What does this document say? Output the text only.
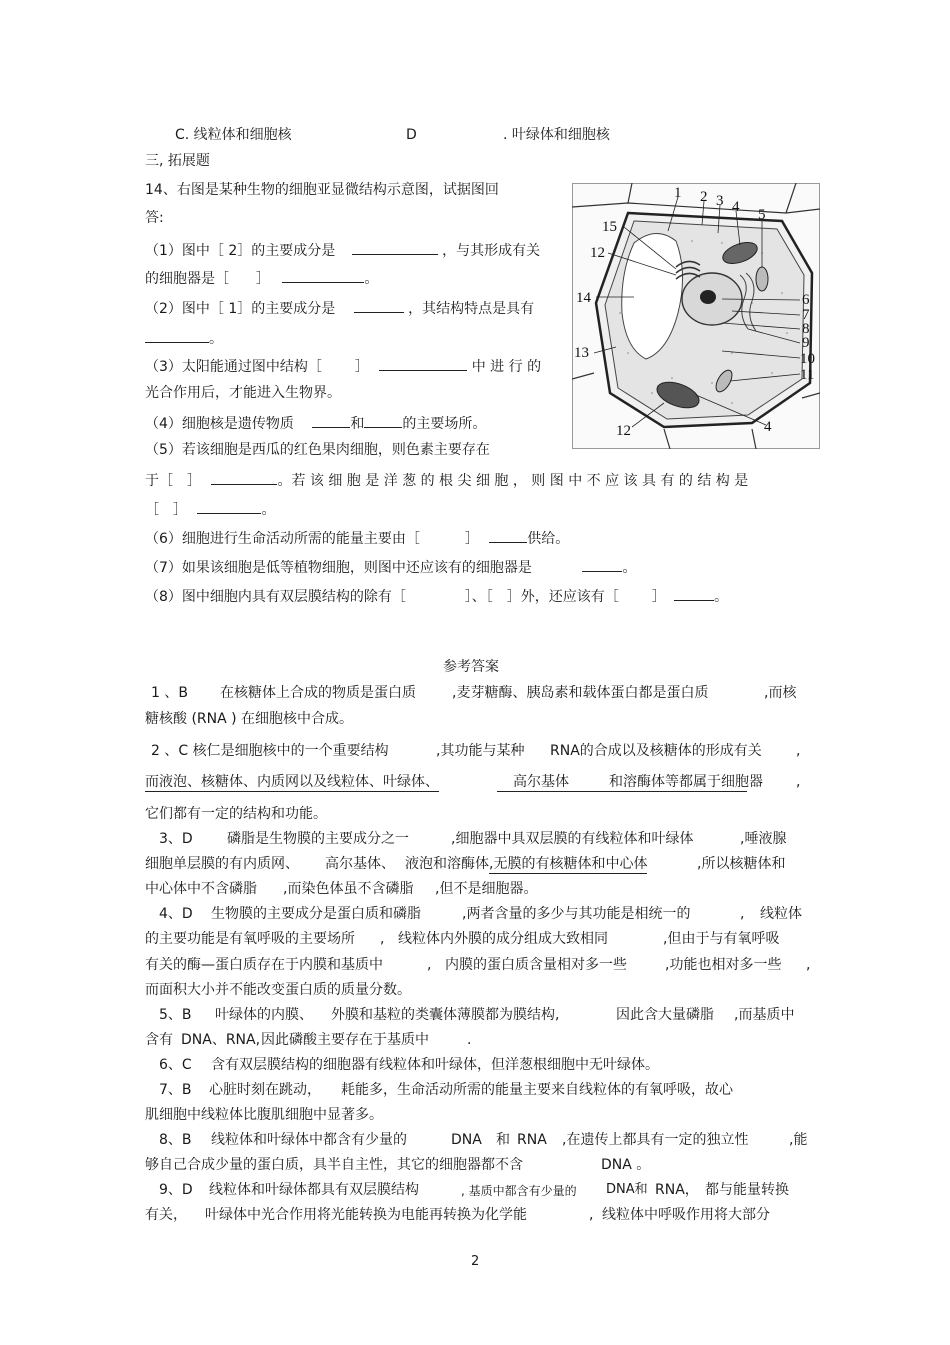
C. 线粒体和细胞核	D	. 叶绿体和细胞核
三, 拓展题
14、右图是某种生物的细胞亚显微结构示意图，试据图回
答:
（1）图中［ 2］的主要成分是	，与其形成有关
的细胞器是［ ］	。
（2）图中［ 1］的主要成分是	，其结构特点是具有
。
（3）太阳能通过图中结构［ ］	中 进 行 的
光合作用后，才能进入生物界。
（4）细胞核是遗传物质	和	的主要场所。
（5）若该细胞是西瓜的红色果肉细胞，则色素主要存在
于［　］	。若 该 细 胞 是 洋 葱 的 根 尖 细 胞 ， 则 图 中 不 应 该 具 有 的 结 构 是
［　］	。
（6）细胞进行生命活动所需的能量主要由［	］	供给。
（7）如果该细胞是低等植物细胞，则图中还应该有的细胞器是	。
（8）图中细胞内具有双层膜结构的除有［	］、［　］外，还应该有［ ］	。
1 2 3 4 5
15
12
14	6
7
8
9
13	10
11
12	4
参考答案
1 、B 在核糖体上合成的物质是蛋白质	,麦芽糖酶、胰岛素和载体蛋白都是蛋白质	,而核
糖核酸 (RNA ) 在细胞核中合成。
2 、C 核仁是细胞核中的一个重要结构	,其功能与某种 RNA的合成以及核糖体的形成有关 ,
而液泡、核糖体、内质网以及线粒体、叶绿体、	高尔基体	和溶酶体等都属于细胞器 ,
它们都有一定的结构和功能。
3、D 磷脂是生物膜的主要成分之一	,细胞器中具双层膜的有线粒体和叶绿体	,唾液腺
细胞单层膜的有内质网、 高尔基体、 液泡和溶酶体,无膜的有核糖体和中心体	,所以核糖体和
中心体中不含磷脂 ,而染色体虽不含磷脂 ,但不是细胞器。
4、D 生物膜的主要成分是蛋白质和磷脂	,两者含量的多少与其功能是相统一的	, 线粒体
的主要功能是有氧呼吸的主要场所 , 线粒体内外膜的成分组成大致相同	,但由于与有氧呼吸
有关的酶—蛋白质存在于内膜和基质中	, 内膜的蛋白质含量相对多一些	,功能也相对多一些 ,
而面积大小并不能改变蛋白质的质量分数。
5、B 叶绿体的内膜、 外膜和基粒的类囊体薄膜都为膜结构,	因此含大量磷脂 ,而基质中
含有 DNA、RNA, 因此磷酸主要存在于基质中	.
6、C 含有双层膜结构的细胞器有线粒体和叶绿体，但洋葱根细胞中无叶绿体。
7、B 心脏时刻在跳动， 耗能多，生命活动所需的能量主要来自线粒体的有氧呼吸，故心
肌细胞中线粒体比腹肌细胞中显著多。
8、B 线粒体和叶绿体中都含有少量的	DNA 和 RNA ,在遗传上都具有一定的独立性	,能
够自己合成少量的蛋白质，具半自主性，其它的细胞器都不含	DNA 。
9、D 线粒体和叶绿体都具有双层膜结构	, 基质中都含有少量的 DNA和 RNA， 都与能量转换
有关， 叶绿体中光合作用将光能转换为电能再转换为化学能	, 线粒体中呼吸作用将大部分
2
